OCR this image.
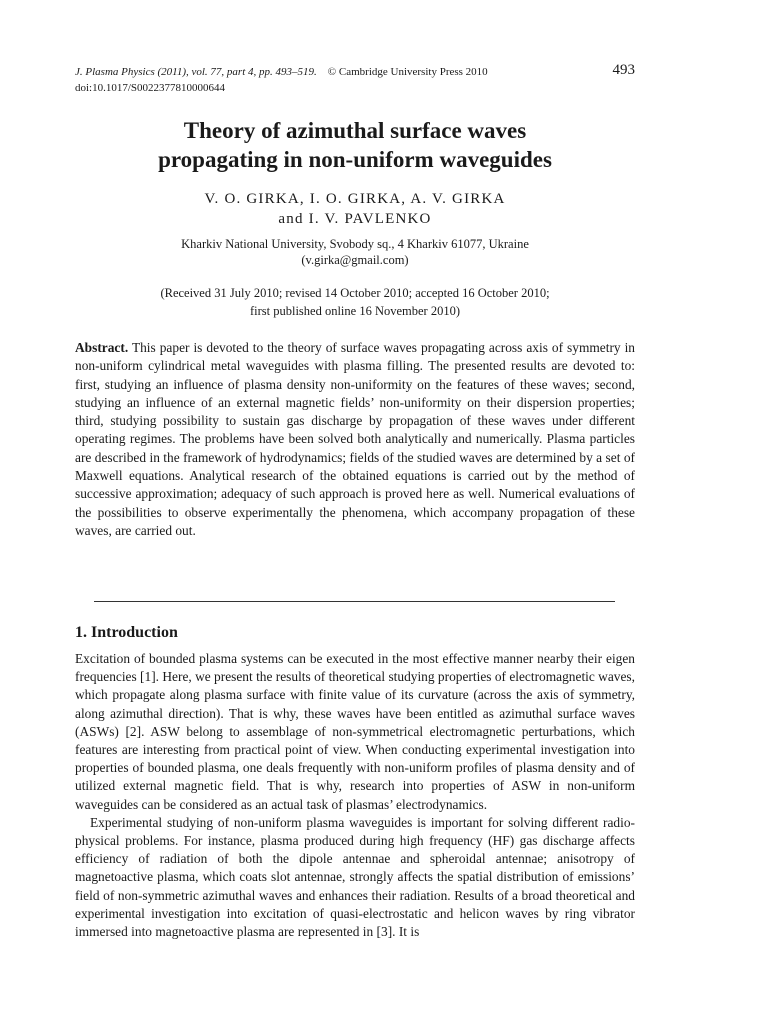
J. Plasma Physics (2011), vol. 77, part 4, pp. 493–519. © Cambridge University Press 2010
doi:10.1017/S0022377810000644
493
Theory of azimuthal surface waves
propagating in non-uniform waveguides
V. O. GIRKA, I. O. GIRKA, A. V. GIRKA
and I. V. PAVLENKO
Kharkiv National University, Svobody sq., 4 Kharkiv 61077, Ukraine
(v.girka@gmail.com)
(Received 31 July 2010; revised 14 October 2010; accepted 16 October 2010;
first published online 16 November 2010)
Abstract. This paper is devoted to the theory of surface waves propagating across axis of symmetry in non-uniform cylindrical metal waveguides with plasma filling. The presented results are devoted to: first, studying an influence of plasma density non-uniformity on the features of these waves; second, studying an influence of an external magnetic fields’ non-uniformity on their dispersion properties; third, studying possibility to sustain gas discharge by propagation of these waves under different operating regimes. The problems have been solved both analytically and numerically. Plasma particles are described in the framework of hydrodynamics; fields of the studied waves are determined by a set of Maxwell equations. Analytical research of the obtained equations is carried out by the method of successive approximation; adequacy of such approach is proved here as well. Numerical evaluations of the possibilities to observe experimentally the phenomena, which accompany propagation of these waves, are carried out.
1. Introduction

Excitation of bounded plasma systems can be executed in the most effective manner nearby their eigen frequencies [1]. Here, we present the results of theoretical studying properties of electromagnetic waves, which propagate along plasma surface with finite value of its curvature (across the axis of symmetry, along azimuthal direction). That is why, these waves have been entitled as azimuthal surface waves (ASWs) [2]. ASW belong to assemblage of non-symmetrical electromagnetic perturbations, which features are interesting from practical point of view. When conducting experimental investigation into properties of bounded plasma, one deals frequently with non-uniform profiles of plasma density and of utilized external magnetic field. That is why, research into properties of ASW in non-uniform waveguides can be considered as an actual task of plasmas’ electrodynamics.

Experimental studying of non-uniform plasma waveguides is important for solving different radio-physical problems. For instance, plasma produced during high frequency (HF) gas discharge affects efficiency of radiation of both the dipole antennae and spheroidal antennae; anisotropy of magnetoactive plasma, which coats slot antennae, strongly affects the spatial distribution of emissions’ field of non-symmetric azimuthal waves and enhances their radiation. Results of a broad theoretical and experimental investigation into excitation of quasi-electrostatic and helicon waves by ring vibrator immersed into magnetoactive plasma are represented in [3]. It is
